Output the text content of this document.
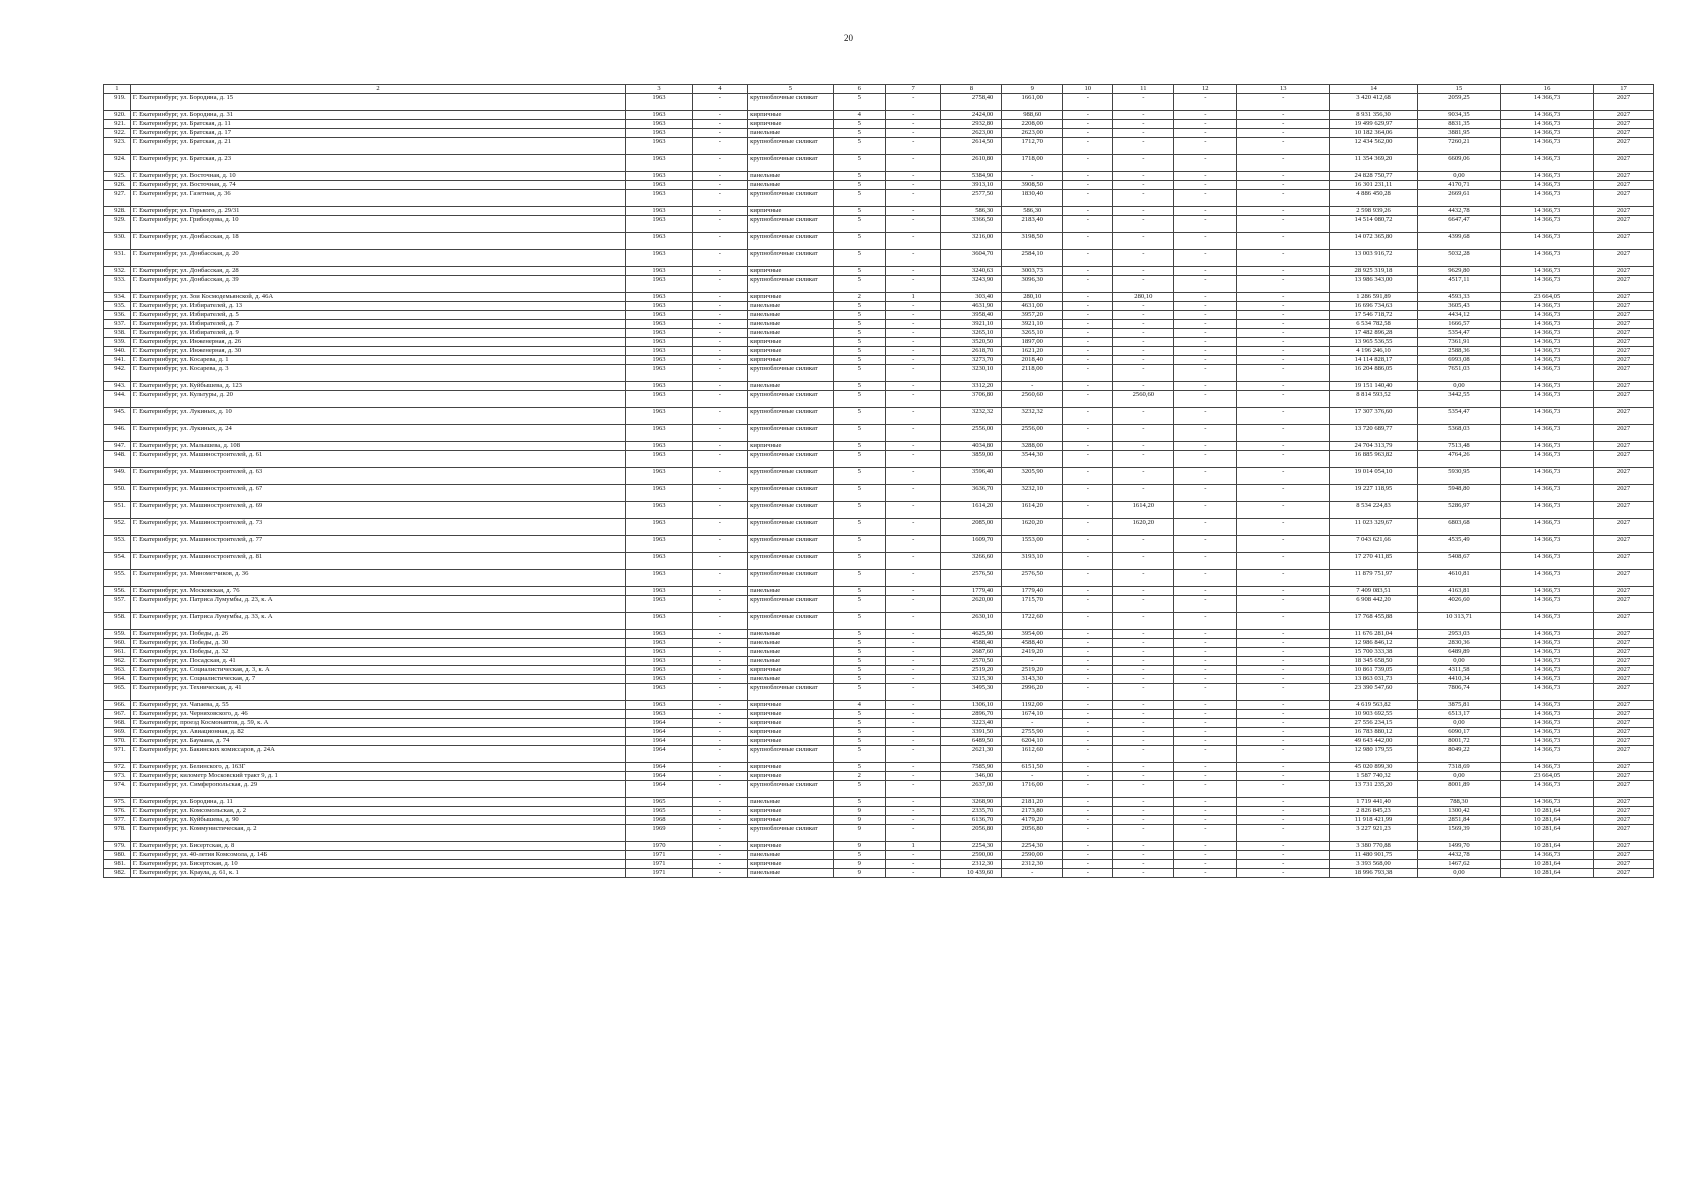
20
1	2	3	4	5	6	7	8	9	10	11	12	13	14	15	16	17
919.	Г. Екатеринбург, ул. Бородина, д. 15	1963	-	крупноблочные силикат	5	-	2758,40	1661,00	-	-	-	-	3 420 412,68	2059,25	14 366,73	2027
920.	Г. Екатеринбург, ул. Бородина, д. 31	1963	-	кирпичные	4	-	2424,00	988,60	-	-	-	-	8 931 356,30	9034,35	14 366,73	2027
921.	Г. Екатеринбург, ул. Братская, д. 11	1963	-	кирпичные	5	-	2932,80	2208,00	-	-	-	-	19 499 629,97	8831,35	14 366,73	2027
922.	Г. Екатеринбург, ул. Братская, д. 17	1963	-	панельные	5	-	2623,00	2623,00	-	-	-	-	10 182 364,06	3881,95	14 366,73	2027
923.	Г. Екатеринбург, ул. Братская, д. 21	1963	-	крупноблочные силикат	5	-	2614,50	1712,70	-	-	-	-	12 434 562,00	7260,21	14 366,73	2027
924.	Г. Екатеринбург, ул. Братская, д. 23	1963	-	крупноблочные силикат	5	-	2610,80	1718,00	-	-	-	-	11 354 369,20	6609,06	14 366,73	2027
925.	Г. Екатеринбург, ул. Восточная, д. 10	1963	-	панельные	5	-	5384,90	-	-	-	-	-	24 828 750,77	0,00	14 366,73	2027
926.	Г. Екатеринбург, ул. Восточная, д. 74	1963	-	панельные	5	-	3913,10	3908,50	-	-	-	-	16 301 231,11	4170,71	14 366,73	2027
927.	Г. Екатеринбург, ул. Газетная, д. 36	1963	-	крупноблочные силикат	5	-	2577,50	1830,40	-	-	-	-	4 886 450,28	2669,61	14 366,73	2027
928.	Г. Екатеринбург, ул. Горького, д. 29/31	1963	-	кирпичные	5	-	586,30	586,30	-	-	-	-	2 598 939,26	4432,78	14 366,73	2027
929.	Г. Екатеринбург, ул. Грибоедова, д. 10	1963	-	крупноблочные силикат	5	-	3366,50	2183,40	-	-	-	-	14 514 080,72	6647,47	14 366,73	2027
930.	Г. Екатеринбург, ул. Донбасская, д. 18	1963	-	крупноблочные силикат	5	-	3216,00	3198,50	-	-	-	-	14 072 365,80	4399,68	14 366,73	2027
931.	Г. Екатеринбург, ул. Донбасская, д. 20	1963	-	крупноблочные силикат	5	-	3604,70	2584,10	-	-	-	-	13 003 916,72	5032,28	14 366,73	2027
932.	Г. Екатеринбург, ул. Донбасская, д. 28	1963	-	кирпичные	5	-	3240,63	3003,73	-	-	-	-	28 925 319,18	9629,80	14 366,73	2027
933.	Г. Екатеринбург, ул. Донбасская, д. 39	1963	-	крупноблочные силикат	5	-	3243,90	3096,30	-	-	-	-	13 986 343,00	4517,11	14 366,73	2027
934.	Г. Екатеринбург, ул. Зои Космодемьянской, д. 46А	1963	-	кирпичные	2	1	303,40	280,10	-	280,10	-	-	1 286 591,89	4593,33	23 664,05	2027
935.	Г. Екатеринбург, ул. Избирателей, д. 13	1963	-	панельные	5	-	4631,90	4631,00	-	-	-	-	16 696 734,63	3605,43	14 366,73	2027
936.	Г. Екатеринбург, ул. Избирателей, д. 5	1963	-	панельные	5	-	3958,40	3957,20	-	-	-	-	17 546 718,72	4434,12	14 366,73	2027
937.	Г. Екатеринбург, ул. Избирателей, д. 7	1963	-	панельные	5	-	3921,10	3921,10	-	-	-	-	6 534 782,58	1666,57	14 366,73	2027
938.	Г. Екатеринбург, ул. Избирателей, д. 9	1963	-	панельные	5	-	3265,10	3265,10	-	-	-	-	17 482 896,28	5354,47	14 366,73	2027
939.	Г. Екатеринбург, ул. Инженерная, д. 26	1963	-	кирпичные	5	-	3520,50	1897,00	-	-	-	-	13 965 536,55	7361,91	14 366,73	2027
940.	Г. Екатеринбург, ул. Инженерная, д. 30	1963	-	кирпичные	5	-	2618,70	1621,20	-	-	-	-	4 196 246,10	2588,36	14 366,73	2027
941.	Г. Екатеринбург, ул. Косарева, д. 1	1963	-	кирпичные	5	-	3273,70	2018,40	-	-	-	-	14 114 828,17	6993,08	14 366,73	2027
942.	Г. Екатеринбург, ул. Косарева, д. 3	1963	-	крупноблочные силикат	5	-	3230,10	2118,00	-	-	-	-	16 204 886,05	7651,03	14 366,73	2027
943.	Г. Екатеринбург, ул. Куйбышева, д. 123	1963	-	панельные	5	-	3312,20	-	-	-	-	-	19 151 140,40	0,00	14 366,73	2027
944.	Г. Екатеринбург, ул. Культуры, д. 20	1963	-	крупноблочные силикат	5	-	3706,80	2560,60	-	2560,60	-	-	8 814 593,52	3442,55	14 366,73	2027
945.	Г. Екатеринбург, ул. Лукиных, д. 10	1963	-	крупноблочные силикат	5	-	3232,32	3232,32	-	-	-	-	17 307 376,60	5354,47	14 366,73	2027
946.	Г. Екатеринбург, ул. Лукиных, д. 24	1963	-	крупноблочные силикат	5	-	2556,00	2556,00	-	-	-	-	13 720 689,77	5368,03	14 366,73	2027
947.	Г. Екатеринбург, ул. Малышева, д. 108	1963	-	кирпичные	5	-	4034,80	3288,00	-	-	-	-	24 704 313,79	7513,48	14 366,73	2027
948.	Г. Екатеринбург, ул. Машиностроителей, д. 61	1963	-	крупноблочные силикат	5	-	3859,00	3544,30	-	-	-	-	16 885 963,82	4764,26	14 366,73	2027
949.	Г. Екатеринбург, ул. Машиностроителей, д. 63	1963	-	крупноблочные силикат	5	-	3596,40	3205,90	-	-	-	-	19 014 054,10	5930,95	14 366,73	2027
950.	Г. Екатеринбург, ул. Машиностроителей, д. 67	1963	-	крупноблочные силикат	5	-	3636,70	3232,10	-	-	-	-	19 227 118,95	5948,80	14 366,73	2027
951.	Г. Екатеринбург, ул. Машиностроителей, д. 69	1963	-	крупноблочные силикат	5	-	1614,20	1614,20	-	1614,20	-	-	8 534 224,83	5286,97	14 366,73	2027
952.	Г. Екатеринбург, ул. Машиностроителей, д. 73	1963	-	крупноблочные силикат	5	-	2085,00	1620,20	-	1620,20	-	-	11 023 329,67	6803,68	14 366,73	2027
953.	Г. Екатеринбург, ул. Машиностроителей, д. 77	1963	-	крупноблочные силикат	5	-	1609,70	1553,00	-	-	-	-	7 043 621,66	4535,49	14 366,73	2027
954.	Г. Екатеринбург, ул. Машиностроителей, д. 81	1963	-	крупноблочные силикат	5	-	3266,60	3193,10	-	-	-	-	17 270 411,85	5408,67	14 366,73	2027
955.	Г. Екатеринбург, ул. Минометчиков, д. 36	1963	-	крупноблочные силикат	5	-	2576,50	2576,50	-	-	-	-	11 879 751,97	4610,81	14 366,73	2027
956.	Г. Екатеринбург, ул. Московская, д. 76	1963	-	панельные	5	-	1779,40	1779,40	-	-	-	-	7 409 083,51	4163,81	14 366,73	2027
957.	Г. Екатеринбург, ул. Патриса Лумумбы, д. 23, к. А	1963	-	крупноблочные силикат	5	-	2620,00	1715,70	-	-	-	-	6 908 442,20	4026,60	14 366,73	2027
958.	Г. Екатеринбург, ул. Патриса Лумумбы, д. 33, к. А	1963	-	крупноблочные силикат	5	-	2630,10	1722,60	-	-	-	-	17 768 455,88	10 313,71	14 366,73	2027
959.	Г. Екатеринбург, ул. Победы, д. 26	1963	-	панельные	5	-	4625,90	3954,00	-	-	-	-	11 676 281,04	2953,03	14 366,73	2027
960.	Г. Екатеринбург, ул. Победы, д. 30	1963	-	панельные	5	-	4588,40	4588,40	-	-	-	-	12 986 846,12	2830,36	14 366,73	2027
961.	Г. Екатеринбург, ул. Победы, д. 32	1963	-	панельные	5	-	2687,60	2419,20	-	-	-	-	15 700 333,38	6489,89	14 366,73	2027
962.	Г. Екатеринбург, ул. Посадская, д. 41	1963	-	панельные	5	-	2570,50	-	-	-	-	-	18 345 658,50	0,00	14 366,73	2027
963.	Г. Екатеринбург, ул. Социалистическая, д. 3, к. А	1963	-	кирпичные	5	-	2519,20	2519,20	-	-	-	-	10 861 739,05	4311,58	14 366,73	2027
964.	Г. Екатеринбург, ул. Социалистическая, д. 7	1963	-	панельные	5	-	3215,30	3143,30	-	-	-	-	13 863 031,73	4410,34	14 366,73	2027
965.	Г. Екатеринбург, ул. Техническая, д. 41	1963	-	крупноблочные силикат	5	-	3495,30	2996,20	-	-	-	-	23 390 547,60	7806,74	14 366,73	2027
966.	Г. Екатеринбург, ул. Чапаева, д. 55	1963	-	кирпичные	4	-	1306,10	1192,00	-	-	-	-	4 619 563,82	3875,81	14 366,73	2027
967.	Г. Екатеринбург, ул. Черняховского, д. 46	1963	-	кирпичные	5	-	2896,70	1674,10	-	-	-	-	10 903 692,55	6513,17	14 366,73	2027
968.	Г. Екатеринбург, проезд Космонавтов, д. 59, к. А	1964	-	кирпичные	5	-	3223,40	-	-	-	-	-	27 556 234,15	0,00	14 366,73	2027
969.	Г. Екатеринбург, ул. Авиационная, д. 82	1964	-	кирпичные	5	-	3391,50	2755,90	-	-	-	-	16 783 880,12	6090,17	14 366,73	2027
970.	Г. Екатеринбург, ул. Баумана, д. 74	1964	-	кирпичные	5	-	6489,50	6204,10	-	-	-	-	49 643 442,00	8001,72	14 366,73	2027
971.	Г. Екатеринбург, ул. Бакинских комиссаров, д. 24А	1964	-	крупноблочные силикат	5	-	2621,30	1612,60	-	-	-	-	12 980 179,55	8049,22	14 366,73	2027
972.	Г. Екатеринбург, ул. Белинского, д. 163Г	1964	-	кирпичные	5	-	7585,90	6151,50	-	-	-	-	45 020 899,30	7318,69	14 366,73	2027
973.	Г. Екатеринбург, километр Московский тракт 9, д. 1	1964	-	кирпичные	2	-	346,00	-	-	-	-	-	1 587 740,32	0,00	23 664,05	2027
974.	Г. Екатеринбург, ул. Симферопольская, д. 29	1964	-	крупноблочные силикат	5	-	2637,00	1716,00	-	-	-	-	13 731 235,20	8001,89	14 366,73	2027
975.	Г. Екатеринбург, ул. Бородина, д. 11	1965	-	панельные	5	-	3268,90	2181,20	-	-	-	-	1 719 441,40	788,30	14 366,73	2027
976.	Г. Екатеринбург, ул. Комсомольская, д. 2	1965	-	кирпичные	9	-	2335,70	2173,80	-	-	-	-	2 826 845,23	1300,42	10 281,64	2027
977.	Г. Екатеринбург, ул. Куйбышева, д. 90	1968	-	кирпичные	9	-	6136,70	4179,20	-	-	-	-	11 918 421,99	2851,84	10 281,64	2027
978.	Г. Екатеринбург, ул. Коммунистическая, д. 2	1969	-	крупноблочные силикат	9	-	2056,80	2056,80	-	-	-	-	3 227 921,23	1569,39	10 281,64	2027
979.	Г. Екатеринбург, ул. Бисертская, д. 8	1970	-	кирпичные	9	1	2254,30	2254,30	-	-	-	-	3 380 770,88	1499,70	10 281,64	2027
980.	Г. Екатеринбург, ул. 40-летия Комсомола, д. 14Б	1971	-	панельные	5	-	2590,00	2590,00	-	-	-	-	11 480 901,75	4432,78	14 366,73	2027
981.	Г. Екатеринбург, ул. Бисертская, д. 10	1971	-	кирпичные	9	-	2312,30	2312,30	-	-	-	-	3 393 568,00	1467,62	10 281,64	2027
982.	Г. Екатеринбург, ул. Краула, д. 61, к. 1	1971	-	панельные	9	-	10 439,60	-	-	-	-	-	18 996 793,38	0,00	10 281,64	2027
